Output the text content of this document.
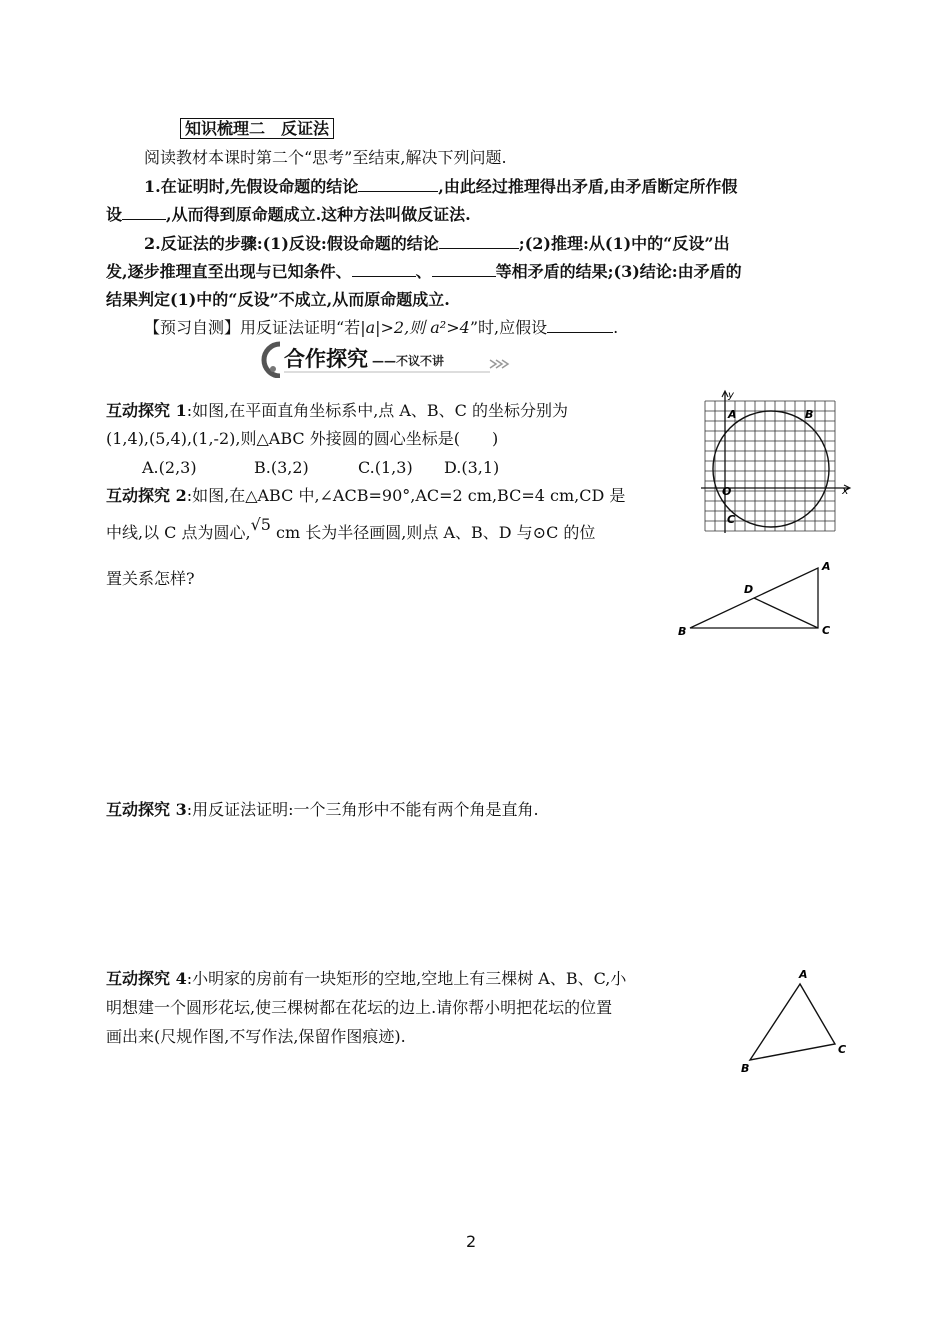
知识梳理二　反证法
阅读教材本课时第二个“思考”至结束,解决下列问题.
1.在证明时,先假设命题的结论	,由此经过推理得出矛盾,由矛盾断定所作假
设	,从而得到原命题成立.这种方法叫做反证法.
2.反证法的步骤:(1)反设:假设命题的结论	;(2)推理:从(1)中的“反设”出
发,逐步推理直至出现与已知条件、	、	等相矛盾的结果;(3)结论:由矛盾的
结果判定(1)中的“反设”不成立,从而原命题成立.
【预习自测】用反证法证明“若|a|>2,则 a²>4”时,应假设	.
合作探究 ——不议不讲
互动探究 1:如图,在平面直角坐标系中,点 A、B、C 的坐标分别为
(1,4),(5,4),(1,-2),则△ABC 外接圆的圆心坐标是(　　)
A.(2,3)	B.(3,2)	C.(1,3) D.(3,1)
A	B
C
O	x
y
互动探究 2:如图,在△ABC 中,∠ACB=90°,AC=2 cm,BC=4 cm,CD 是
中线,以 C 点为圆心,√5 cm 长为半径画圆,则点 A、B、D 与⊙C 的位
置关系怎样?
B	C
A
D
互动探究 3:用反证法证明:一个三角形中不能有两个角是直角.
互动探究 4:小明家的房前有一块矩形的空地,空地上有三棵树 A、B、C,小
明想建一个圆形花坛,使三棵树都在花坛的边上.请你帮小明把花坛的位置
画出来(尺规作图,不写作法,保留作图痕迹).
A
B
C
2
